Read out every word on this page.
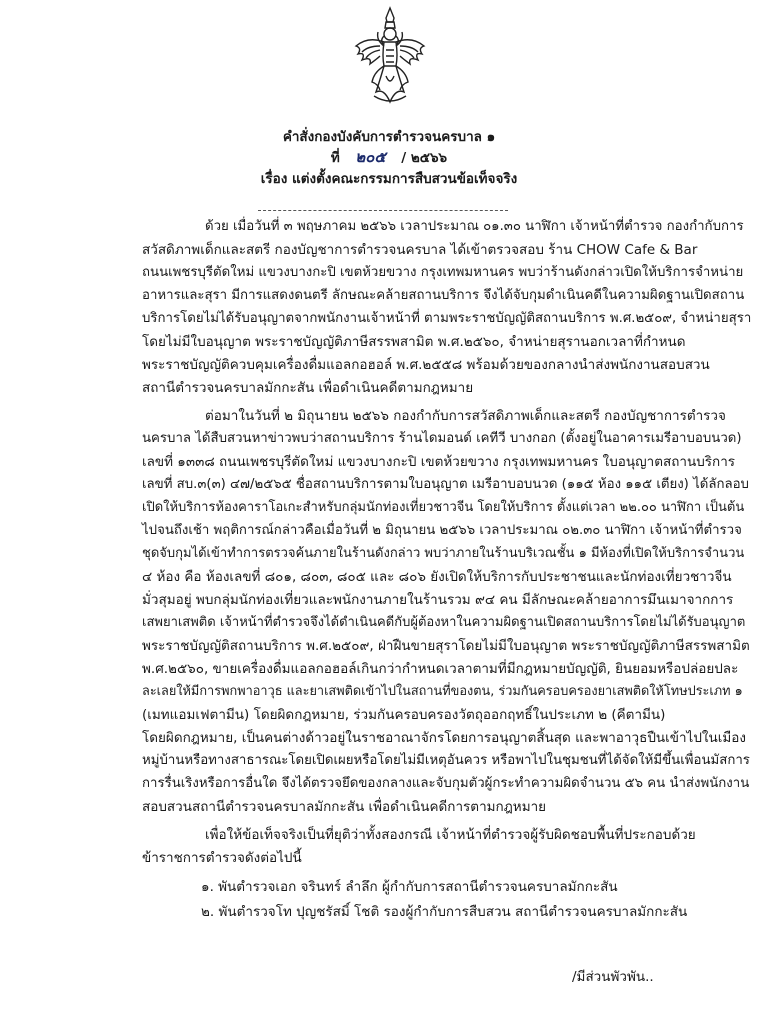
คำสั่งกองบังคับการตำรวจนครบาล ๑
ที่ ๒๐๕ / ๒๕๖๖
เรื่อง แต่งตั้งคณะกรรมการสืบสวนข้อเท็จจริง
ด้วย เมื่อวันที่ ๓ พฤษภาคม ๒๕๖๖ เวลาประมาณ ๐๑.๓๐ นาฬิกา เจ้าหน้าที่ตำรวจ กองกำกับการ
สวัสดิภาพเด็กและสตรี กองบัญชาการตำรวจนครบาล ได้เข้าตรวจสอบ ร้าน CHOW Cafe & Bar
ถนนเพชรบุรีตัดใหม่ แขวงบางกะปิ เขตห้วยขวาง กรุงเทพมหานคร พบว่าร้านดังกล่าวเปิดให้บริการจำหน่าย
อาหารและสุรา มีการแสดงดนตรี ลักษณะคล้ายสถานบริการ จึงได้จับกุมดำเนินคดีในความผิดฐานเปิดสถาน
บริการโดยไม่ได้รับอนุญาตจากพนักงานเจ้าหน้าที่ ตามพระราชบัญญัติสถานบริการ พ.ศ.๒๕๐๙, จำหน่ายสุรา
โดยไม่มีใบอนุญาต พระราชบัญญัติภาษีสรรพสามิต พ.ศ.๒๕๖๐, จำหน่ายสุรานอกเวลาที่กำหนด
พระราชบัญญัติควบคุมเครื่องดื่มแอลกอฮอล์ พ.ศ.๒๕๕๘ พร้อมด้วยของกลางนำส่งพนักงานสอบสวน
สถานีตำรวจนครบาลมักกะสัน เพื่อดำเนินคดีตามกฎหมาย
ต่อมาในวันที่ ๒ มิถุนายน ๒๕๖๖ กองกำกับการสวัสดิภาพเด็กและสตรี กองบัญชาการตำรวจ
นครบาล ได้สืบสวนหาข่าวพบว่าสถานบริการ ร้านไดมอนด์ เคทีวี บางกอก (ตั้งอยู่ในอาคารเมรีอาบอบนวด)
เลขที่ ๑๓๓๘ ถนนเพชรบุรีตัดใหม่ แขวงบางกะปิ เขตห้วยขวาง กรุงเทพมหานคร ใบอนุญาตสถานบริการ
เลขที่ สบ.๓(๓) ๔๗/๒๕๖๕ ชื่อสถานบริการตามใบอนุญาต เมรีอาบอบนวด (๑๑๕ ห้อง ๑๑๕ เตียง) ได้ลักลอบ
เปิดให้บริการห้องคาราโอเกะสำหรับกลุ่มนักท่องเที่ยวชาวจีน โดยให้บริการ ตั้งแต่เวลา ๒๒.๐๐ นาฬิกา เป็นต้น
ไปจนถึงเช้า พฤติการณ์กล่าวคือเมื่อวันที่ ๒ มิถุนายน ๒๕๖๖ เวลาประมาณ ๐๒.๓๐ นาฬิกา เจ้าหน้าที่ตำรวจ
ชุดจับกุมได้เข้าทำการตรวจค้นภายในร้านดังกล่าว พบว่าภายในร้านบริเวณชั้น ๑ มีห้องที่เปิดให้บริการจำนวน
๔ ห้อง คือ ห้องเลขที่ ๘๐๑, ๘๐๓, ๘๐๕ และ ๘๐๖ ยังเปิดให้บริการกับประชาชนและนักท่องเที่ยวชาวจีน
มั่วสุมอยู่ พบกลุ่มนักท่องเที่ยวและพนักงานภายในร้านรวม ๙๔ คน มีลักษณะคล้ายอาการมึนเมาจากการ
เสพยาเสพติด เจ้าหน้าที่ตำรวจจึงได้ดำเนินคดีกับผู้ต้องหาในความผิดฐานเปิดสถานบริการโดยไม่ได้รับอนุญาต
พระราชบัญญัติสถานบริการ พ.ศ.๒๕๐๙, ฝ่าฝืนขายสุราโดยไม่มีใบอนุญาต พระราชบัญญัติภาษีสรรพสามิต
พ.ศ.๒๕๖๐, ขายเครื่องดื่มแอลกอฮอล์เกินกว่ากำหนดเวลาตามที่มีกฎหมายบัญญัติ, ยินยอมหรือปล่อยปละ
ละเลยให้มีการพกพาอาวุธ และยาเสพติดเข้าไปในสถานที่ของตน, ร่วมกันครอบครองยาเสพติดให้โทษประเภท ๑
(เมทแอมเฟตามีน) โดยผิดกฎหมาย, ร่วมกันครอบครองวัตถุออกฤทธิ์ในประเภท ๒ (คีตามีน)
โดยผิดกฎหมาย, เป็นคนต่างด้าวอยู่ในราชอาณาจักรโดยการอนุญาตสิ้นสุด และพาอาวุธปืนเข้าไปในเมือง
หมู่บ้านหรือทางสาธารณะโดยเปิดเผยหรือโดยไม่มีเหตุอันควร หรือพาไปในชุมชนที่ได้จัดให้มีขึ้นเพื่อนมัสการ
การรื่นเริงหรือการอื่นใด จึงได้ตรวจยึดของกลางและจับกุมตัวผู้กระทำความผิดจำนวน ๕๖ คน นำส่งพนักงาน
สอบสวนสถานีตำรวจนครบาลมักกะสัน เพื่อดำเนินคดีการตามกฎหมาย
เพื่อให้ข้อเท็จจริงเป็นที่ยุติว่าทั้งสองกรณี เจ้าหน้าที่ตำรวจผู้รับผิดชอบพื้นที่ประกอบด้วย
ข้าราชการตำรวจดังต่อไปนี้
๑. พันตำรวจเอก จรินทร์ ลำลึก ผู้กำกับการสถานีตำรวจนครบาลมักกะสัน
๒. พันตำรวจโท ปุญชรัสมิ์ โชติ รองผู้กำกับการสืบสวน สถานีตำรวจนครบาลมักกะสัน
/มีส่วนพัวพัน..
